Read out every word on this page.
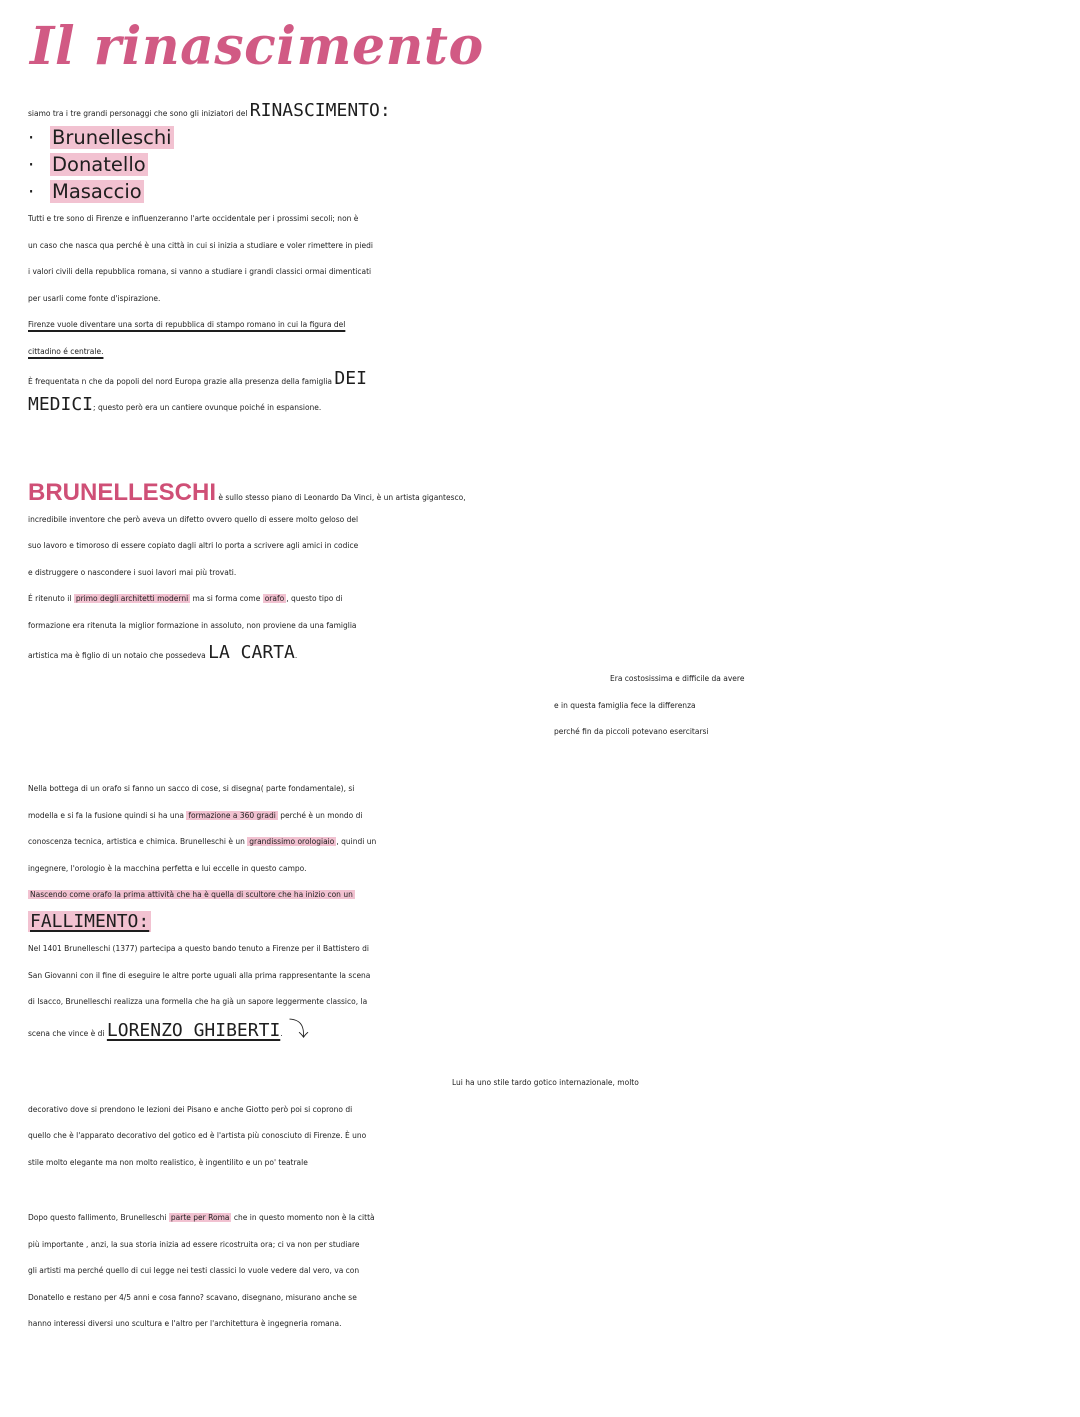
Il rinascimento
siamo tra i tre grandi personaggi che sono gli iniziatori del RINASCIMENTO:
· Brunelleschi
· Donatello
· Masaccio
Tutti e tre sono di Firenze e influenzeranno l'arte occidentale per i prossimi secoli; non è
un caso che nasca qua perché è una città in cui si inizia a studiare e voler rimettere in piedi
i valori civili della repubblica romana, si vanno a studiare i grandi classici ormai dimenticati
per usarli come fonte d'ispirazione.
Firenze vuole diventare una sorta di repubblica di stampo romano in cui la figura del
cittadino é centrale.
È frequentata n che da popoli del nord Europa grazie alla presenza della famiglia DEI
MEDICI; questo però era un cantiere ovunque poiché in espansione.
BRUNELLESCHI è sullo stesso piano di Leonardo Da Vinci, è un artista gigantesco,
incredibile inventore che però aveva un difetto ovvero quello di essere molto geloso del
suo lavoro e timoroso di essere copiato dagli altri lo porta a scrivere agli amici in codice
e distruggere o nascondere i suoi lavori mai più trovati.
É ritenuto il primo degli architetti moderni ma si forma come orafo , questo tipo di
formazione era ritenuta la miglior formazione in assoluto, non proviene da una famiglia
artistica ma è figlio di un notaio che possedeva LA CARTA.
Era costosissima e difficile da avere
e in questa famiglia fece la differenza
perché fin da piccoli potevano esercitarsi
Nella bottega di un orafo si fanno un sacco di cose, si disegna( parte fondamentale), si
modella e si fa la fusione quindi si ha una formazione a 360 gradi perché è un mondo di
conoscenza tecnica, artistica e chimica. Brunelleschi è un grandissimo orologiaio , quindi un
ingegnere, l'orologio è la macchina perfetta e lui eccelle in questo campo.
Nascendo come orafo la prima attività che ha è quella di scultore che ha inizio con un
FALLIMENTO:
Nel 1401 Brunelleschi (1377) partecipa a questo bando tenuto a Firenze per il Battistero di
San Giovanni con il fine di eseguire le altre porte uguali alla prima rappresentante la scena
di Isacco, Brunelleschi realizza una formella che ha già un sapore leggermente classico, la
scena che vince è di LORENZO GHIBERTI. ⤵
Lui ha uno stile tardo gotico internazionale, molto
decorativo dove si prendono le lezioni dei Pisano e anche Giotto però poi si coprono di
quello che è l'apparato decorativo del gotico ed è l'artista più conosciuto di Firenze. È uno
stile molto elegante ma non molto realistico, è ingentilito e un po' teatrale
Dopo questo fallimento, Brunelleschi parte per Roma che in questo momento non è la città
più importante , anzi, la sua storia inizia ad essere ricostruita ora; ci va non per studiare
gli artisti ma perché quello di cui legge nei testi classici lo vuole vedere dal vero, va con
Donatello e restano per 4/5 anni e cosa fanno? scavano, disegnano, misurano anche se
hanno interessi diversi uno scultura e l'altro per l'architettura è ingegneria romana.
